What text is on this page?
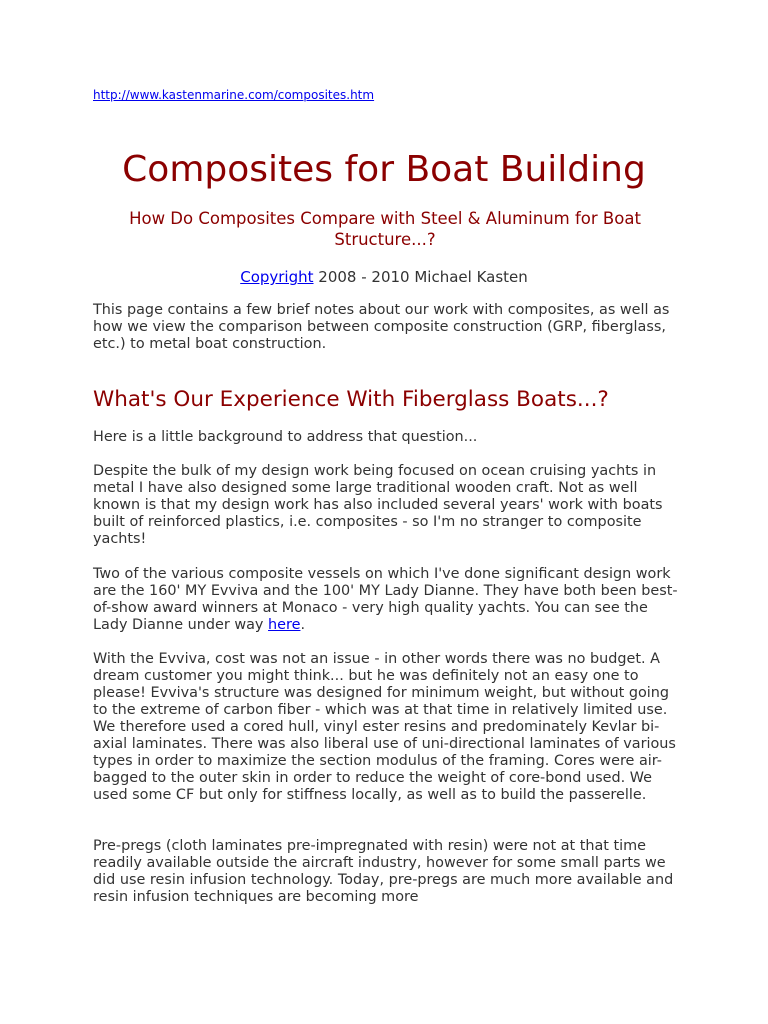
http://www.kastenmarine.com/composites.htm
Composites for Boat Building
How Do Composites Compare with Steel & Aluminum for Boat Structure...?
Copyright 2008 - 2010 Michael Kasten

This page contains a few brief notes about our work with composites, as well as how we view the comparison between composite construction (GRP, fiberglass, etc.) to metal boat construction.

What's Our Experience With Fiberglass Boats...?

Here is a little background to address that question...

Despite the bulk of my design work being focused on ocean cruising yachts in metal I have also designed some large traditional wooden craft. Not as well known is that my design work has also included several years' work with boats built of reinforced plastics, i.e. composites - so I'm no stranger to composite yachts!

Two of the various composite vessels on which I've done significant design work are the 160' MY Evviva and the 100' MY Lady Dianne. They have both been best-of-show award winners at Monaco - very high quality yachts. You can see the Lady Dianne under way here.

With the Evviva, cost was not an issue - in other words there was no budget. A dream customer you might think... but he was definitely not an easy one to please! Evviva's structure was designed for minimum weight, but without going to the extreme of carbon fiber - which was at that time in relatively limited use. We therefore used a cored hull, vinyl ester resins and predominately Kevlar bi-axial laminates. There was also liberal use of uni-directional laminates of various types in order to maximize the section modulus of the framing. Cores were air-bagged to the outer skin in order to reduce the weight of core-bond used. We used some CF but only for stiffness locally, as well as to build the passerelle.

Pre-pregs (cloth laminates pre-impregnated with resin) were not at that time readily available outside the aircraft industry, however for some small parts we did use resin infusion technology. Today, pre-pregs are much more available and resin infusion techniques are becoming more
